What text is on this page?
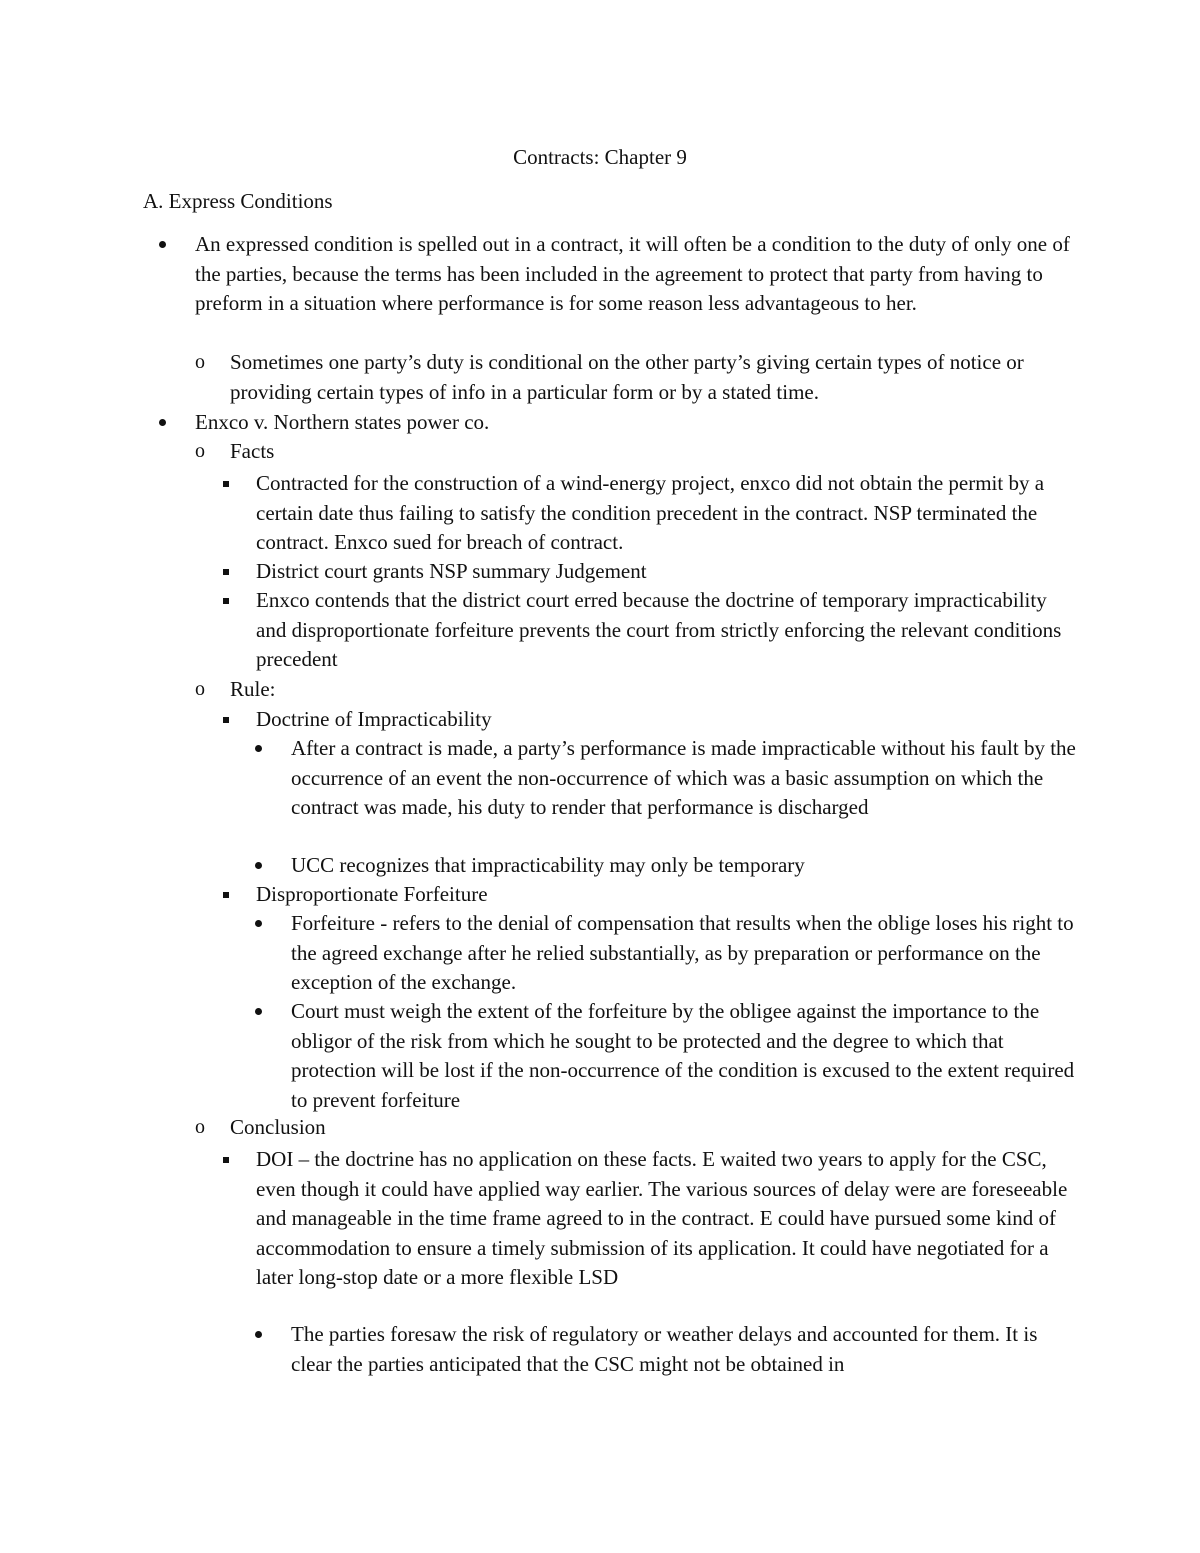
Contracts: Chapter 9
A. Express Conditions
An expressed condition is spelled out in a contract, it will often be a condition to the duty of only one of the parties, because the terms has been included in the agreement to protect that party from having to preform in a situation where performance is for some reason less advantageous to her.
o Sometimes one party’s duty is conditional on the other party’s giving certain types of notice or providing certain types of info in a particular form or by a stated time.
Enxco v. Northern states power co.
o Facts
Contracted for the construction of a wind-energy project, enxco did not obtain the permit by a certain date thus failing to satisfy the condition precedent in the contract. NSP terminated the contract. Enxco sued for breach of contract.
District court grants NSP summary Judgement
Enxco contends that the district court erred because the doctrine of temporary impracticability and disproportionate forfeiture prevents the court from strictly enforcing the relevant conditions precedent
o Rule:
Doctrine of Impracticability
After a contract is made, a party’s performance is made impracticable without his fault by the occurrence of an event the non-occurrence of which was a basic assumption on which the contract was made, his duty to render that performance is discharged
UCC recognizes that impracticability may only be temporary
Disproportionate Forfeiture
Forfeiture - refers to the denial of compensation that results when the oblige loses his right to the agreed exchange after he relied substantially, as by preparation or performance on the exception of the exchange.
Court must weigh the extent of the forfeiture by the obligee against the importance to the obligor of the risk from which he sought to be protected and the degree to which that protection will be lost if the non-occurrence of the condition is excused to the extent required to prevent forfeiture
o Conclusion
DOI – the doctrine has no application on these facts. E waited two years to apply for the CSC, even though it could have applied way earlier. The various sources of delay were are foreseeable and manageable in the time frame agreed to in the contract. E could have pursued some kind of accommodation to ensure a timely submission of its application. It could have negotiated for a later long-stop date or a more flexible LSD
The parties foresaw the risk of regulatory or weather delays and accounted for them. It is clear the parties anticipated that the CSC might not be obtained in
